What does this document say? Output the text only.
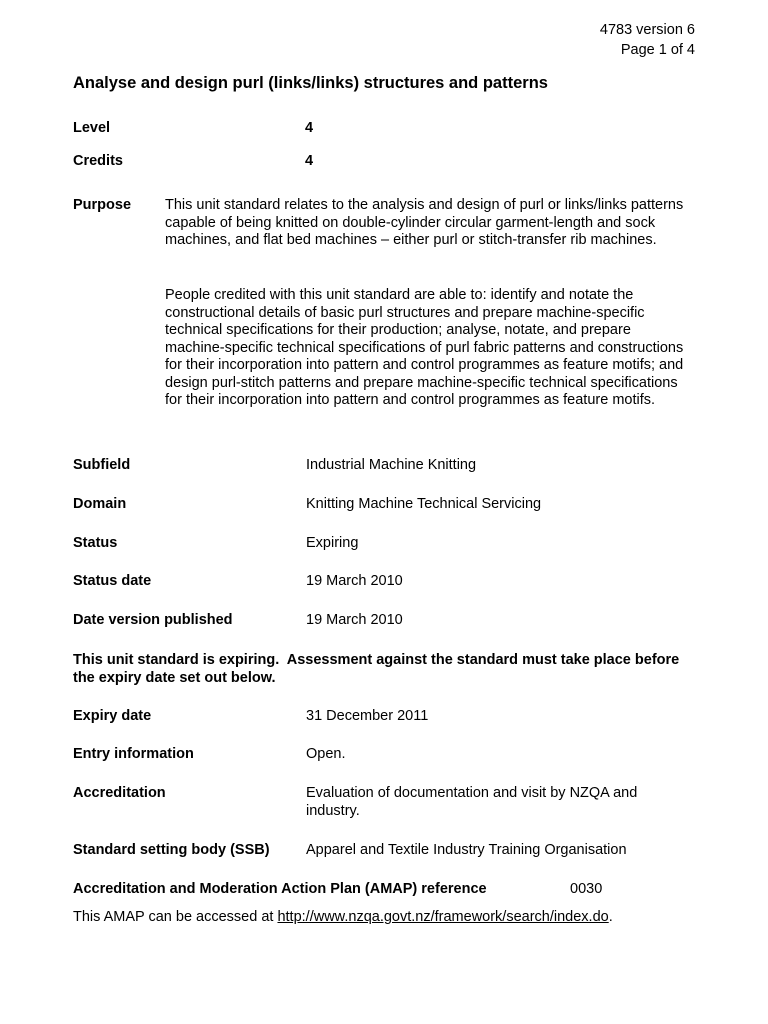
4783 version 6
Page 1 of 4
Analyse and design purl (links/links) structures and patterns
Level	4
Credits	4
Purpose This unit standard relates to the analysis and design of purl or links/links patterns capable of being knitted on double-cylinder circular garment-length and sock machines, and flat bed machines – either purl or stitch-transfer rib machines.
People credited with this unit standard are able to: identify and notate the constructional details of basic purl structures and prepare machine-specific technical specifications for their production; analyse, notate, and prepare machine-specific technical specifications of purl fabric patterns and constructions for their incorporation into pattern and control programmes as feature motifs; and design purl-stitch patterns and prepare machine-specific technical specifications for their incorporation into pattern and control programmes as feature motifs.
Subfield	Industrial Machine Knitting
Domain	Knitting Machine Technical Servicing
Status	Expiring
Status date	19 March 2010
Date version published	19 March 2010
This unit standard is expiring.  Assessment against the standard must take place before the expiry date set out below.
Expiry date	31 December 2011
Entry information	Open.
Accreditation	Evaluation of documentation and visit by NZQA and industry.
Standard setting body (SSB)	Apparel and Textile Industry Training Organisation
Accreditation and Moderation Action Plan (AMAP) reference	0030
This AMAP can be accessed at http://www.nzqa.govt.nz/framework/search/index.do.
